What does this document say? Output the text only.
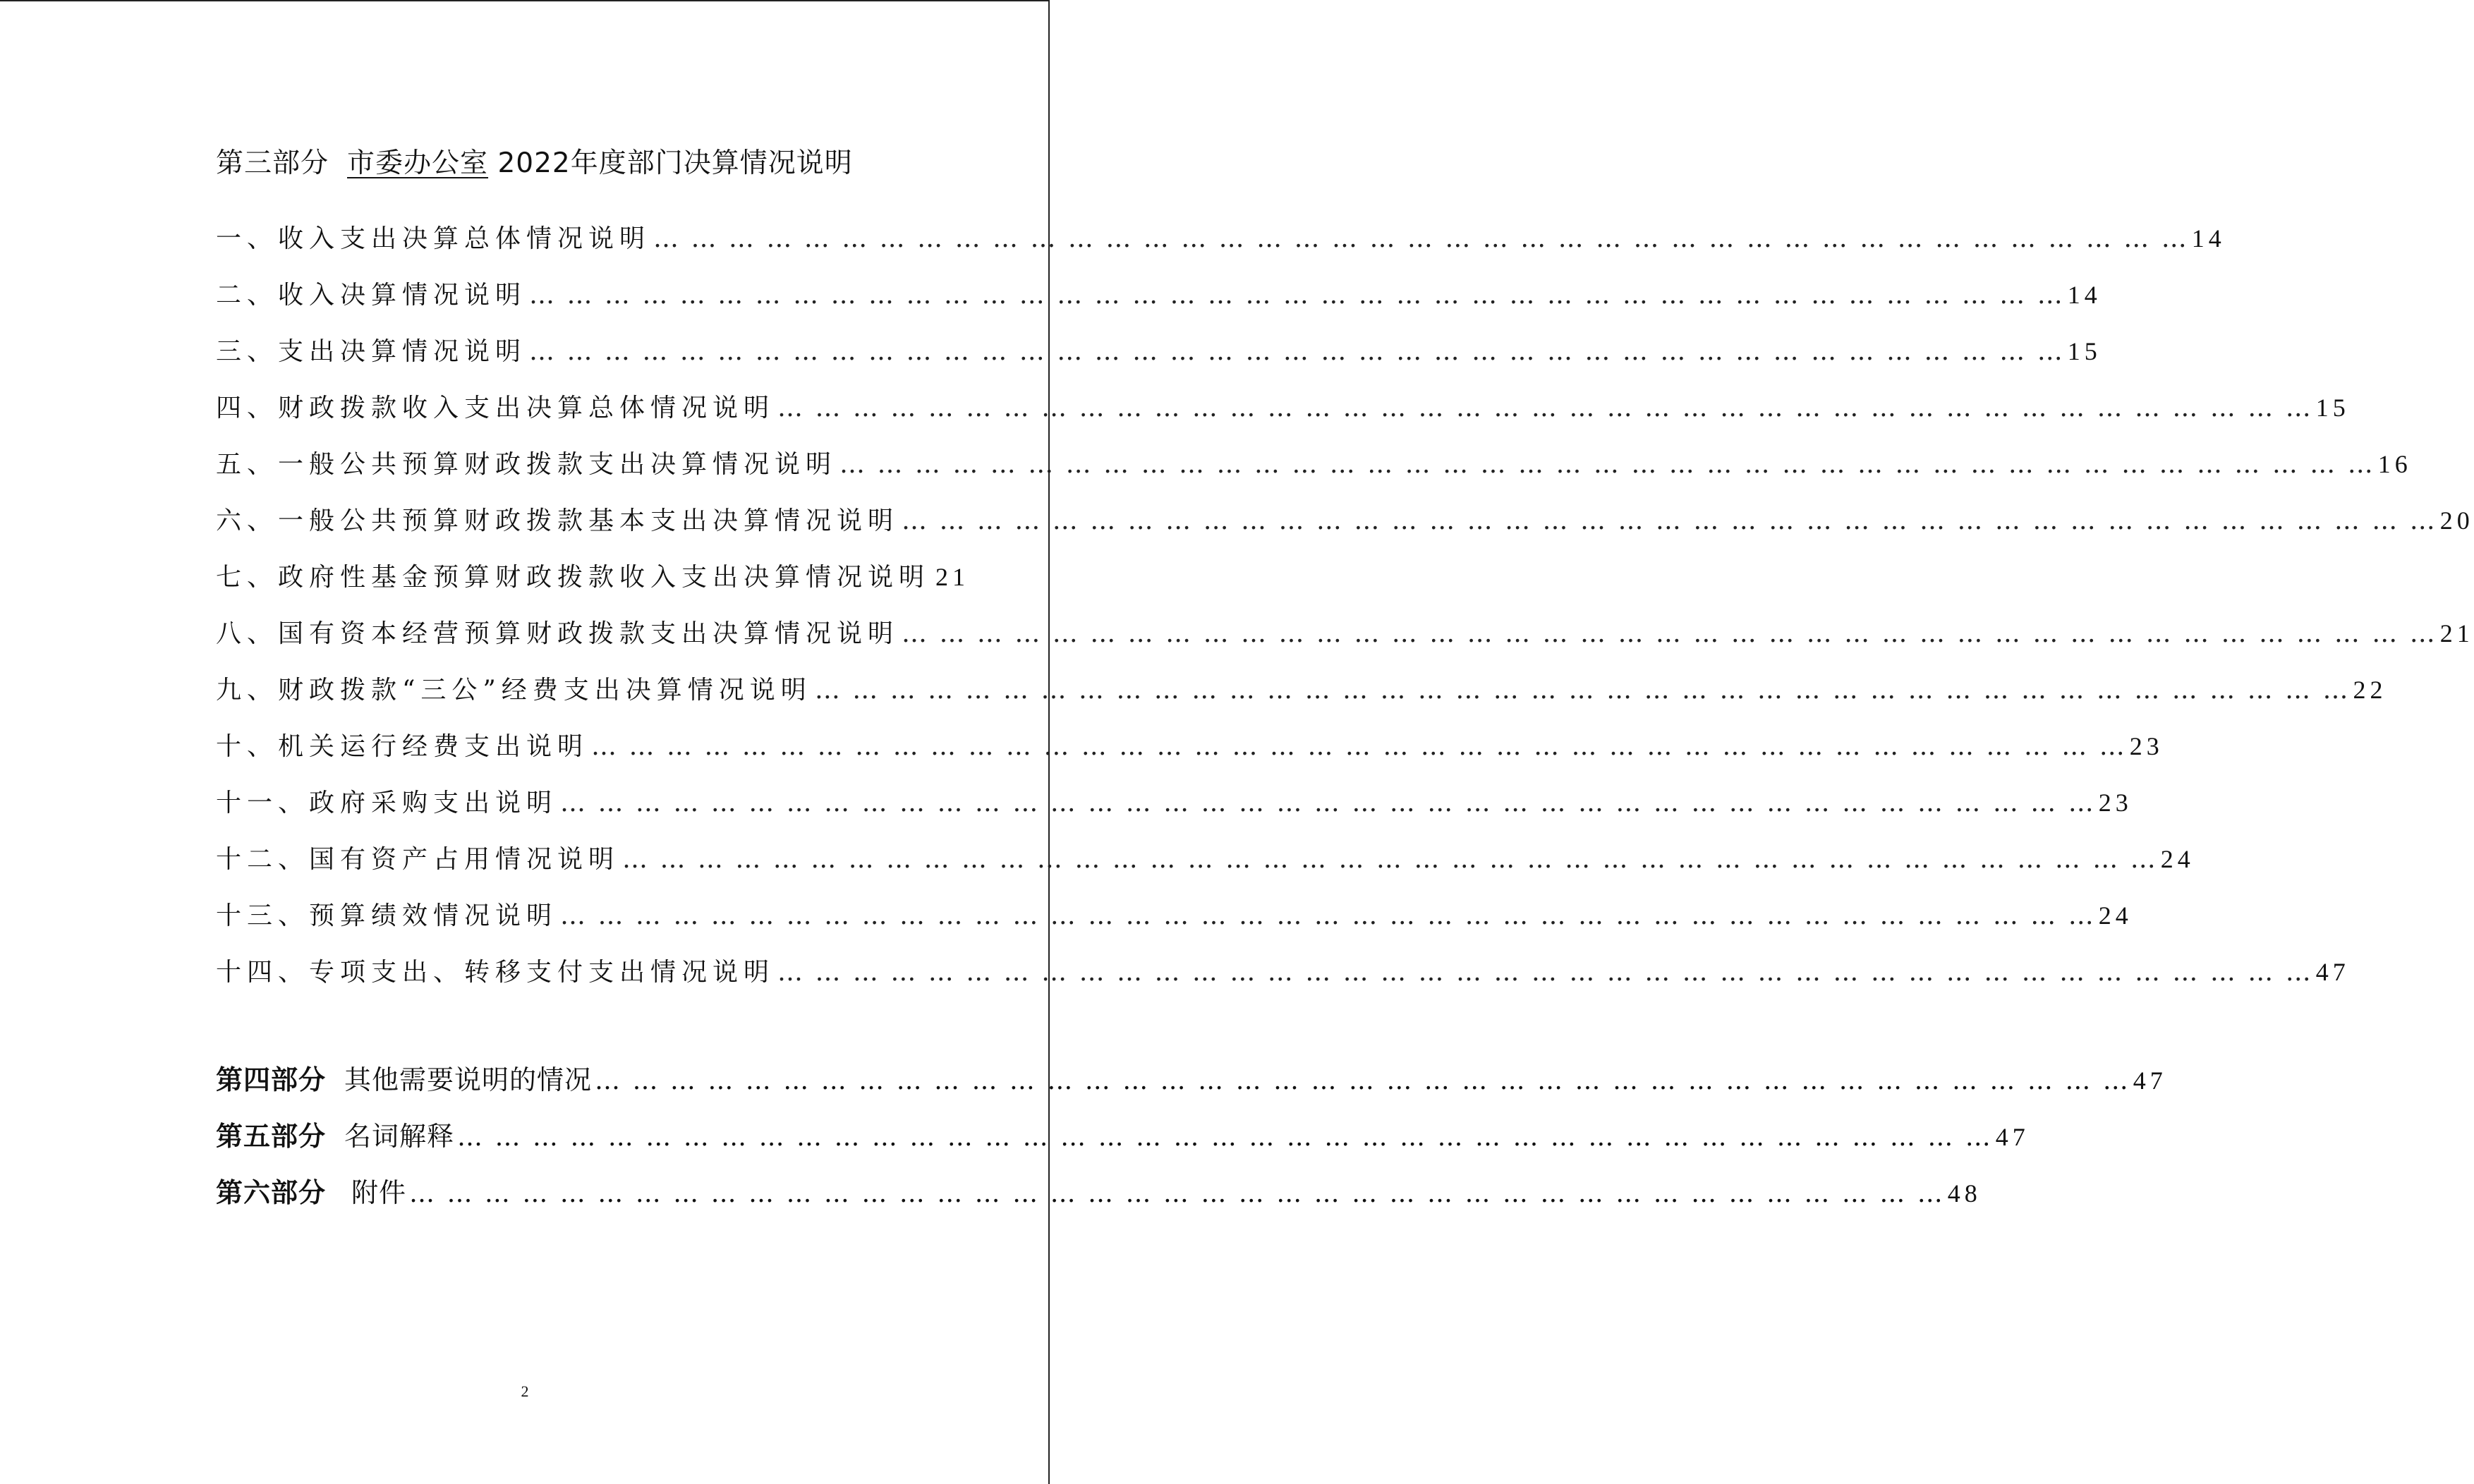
第三部分 市委办公室 2022年度部门决算情况说明
一、收入支出决算总体情况说明 … … … … … … … … … … … … … … … … … … … … … … … … … … … … … … … … … … … … … … … … … 14
二、收入决算情况说明 … … … … … … … … … … … … … … … … … … … … … … … … … … … … … … … … … … … … … … … … … 14
三、支出决算情况说明 … … … … … … … … … … … … … … … … … … … … … … … … … … … … … … … … … … … … … … … … … 15
四、财政拨款收入支出决算总体情况说明 … … … … … … … … … … … … … … … … … … … … … … … … … … … … … … … … … … … … … … … … … 15
五、一般公共预算财政拨款支出决算情况说明 … … … … … … … … … … … … … … … … … … … … … … … … … … … … … … … … … … … … … … … … … 16
六、一般公共预算财政拨款基本支出决算情况说明 … … … … … … … … … … … … … … … … … … … … … … … … … … … … … … … … … … … … … … … … … 20
七、政府性基金预算财政拨款收入支出决算情况说明 21
八、国有资本经营预算财政拨款支出决算情况说明 … … … … … … … … … … … … … … … … … … … … … … … … … … … … … … … … … … … … … … … … … 21
九、财政拨款“三公”经费支出决算情况说明 … … … … … … … … … … … … … … … … … … … … … … … … … … … … … … … … … … … … … … … … … 22
十、机关运行经费支出说明 … … … … … … … … … … … … … … … … … … … … … … … … … … … … … … … … … … … … … … … … … 23
十一、政府采购支出说明 … … … … … … … … … … … … … … … … … … … … … … … … … … … … … … … … … … … … … … … … … 23
十二、国有资产占用情况说明 … … … … … … … … … … … … … … … … … … … … … … … … … … … … … … … … … … … … … … … … … 24
十三、预算绩效情况说明 … … … … … … … … … … … … … … … … … … … … … … … … … … … … … … … … … … … … … … … … … 24
十四、专项支出、转移支付支出情况说明 … … … … … … … … … … … … … … … … … … … … … … … … … … … … … … … … … … … … … … … … … 47
第四部分 其他需要说明的情况 … … … … … … … … … … … … … … … … … … … … … … … … … … … … … … … … … … … … … … … … … 47
第五部分 名词解释 … … … … … … … … … … … … … … … … … … … … … … … … … … … … … … … … … … … … … … … … … 47
第六部分 附件 … … … … … … … … … … … … … … … … … … … … … … … … … … … … … … … … … … … … … … … … … 48
2
